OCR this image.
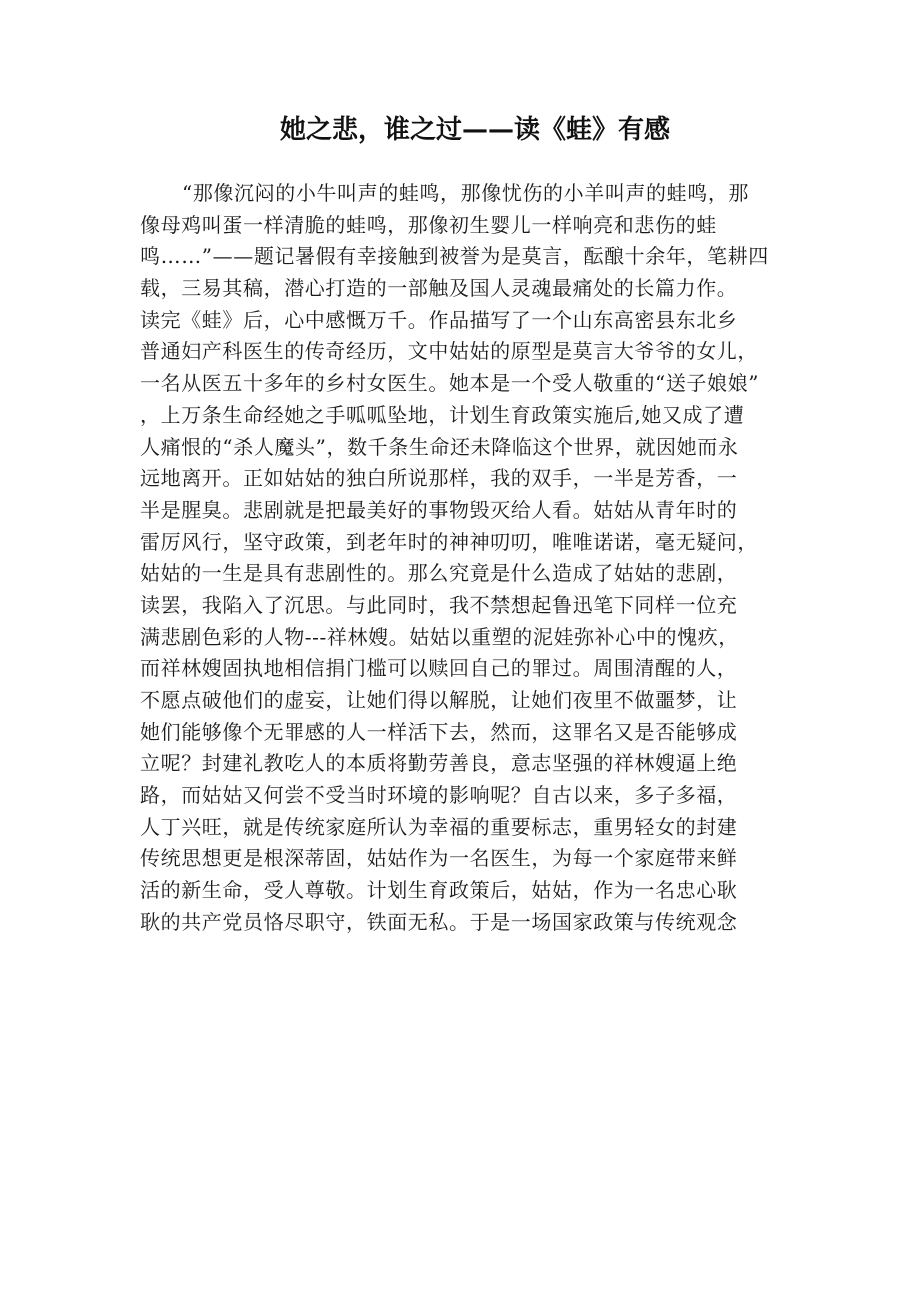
她之悲，谁之过——读《蛙》有感
“那像沉闷的小牛叫声的蛙鸣，那像忧伤的小羊叫声的蛙鸣，那
像母鸡叫蛋一样清脆的蛙鸣，那像初生婴儿一样响亮和悲伤的蛙
鸣……”——题记暑假有幸接触到被誉为是莫言，酝酿十余年，笔耕四
载，三易其稿，潜心打造的一部触及国人灵魂最痛处的长篇力作。
读完《蛙》后，心中感慨万千。作品描写了一个山东高密县东北乡
普通妇产科医生的传奇经历，文中姑姑的原型是莫言大爷爷的女儿，
一名从医五十多年的乡村女医生。她本是一个受人敬重的“送子娘娘”
，上万条生命经她之手呱呱坠地，计划生育政策实施后,她又成了遭
人痛恨的“杀人魔头”，数千条生命还未降临这个世界，就因她而永
远地离开。正如姑姑的独白所说那样，我的双手，一半是芳香，一
半是腥臭。悲剧就是把最美好的事物毁灭给人看。姑姑从青年时的
雷厉风行，坚守政策，到老年时的神神叨叨，唯唯诺诺，毫无疑问，
姑姑的一生是具有悲剧性的。那么究竟是什么造成了姑姑的悲剧，
读罢，我陷入了沉思。与此同时，我不禁想起鲁迅笔下同样一位充
满悲剧色彩的人物---祥林嫂。姑姑以重塑的泥娃弥补心中的愧疚，
而祥林嫂固执地相信捐门槛可以赎回自己的罪过。周围清醒的人，
不愿点破他们的虚妄，让她们得以解脱，让她们夜里不做噩梦，让
她们能够像个无罪感的人一样活下去，然而，这罪名又是否能够成
立呢？封建礼教吃人的本质将勤劳善良，意志坚强的祥林嫂逼上绝
路，而姑姑又何尝不受当时环境的影响呢？自古以来，多子多福，
人丁兴旺，就是传统家庭所认为幸福的重要标志，重男轻女的封建
传统思想更是根深蒂固，姑姑作为一名医生，为每一个家庭带来鲜
活的新生命，受人尊敬。计划生育政策后，姑姑，作为一名忠心耿
耿的共产党员恪尽职守，铁面无私。于是一场国家政策与传统观念
